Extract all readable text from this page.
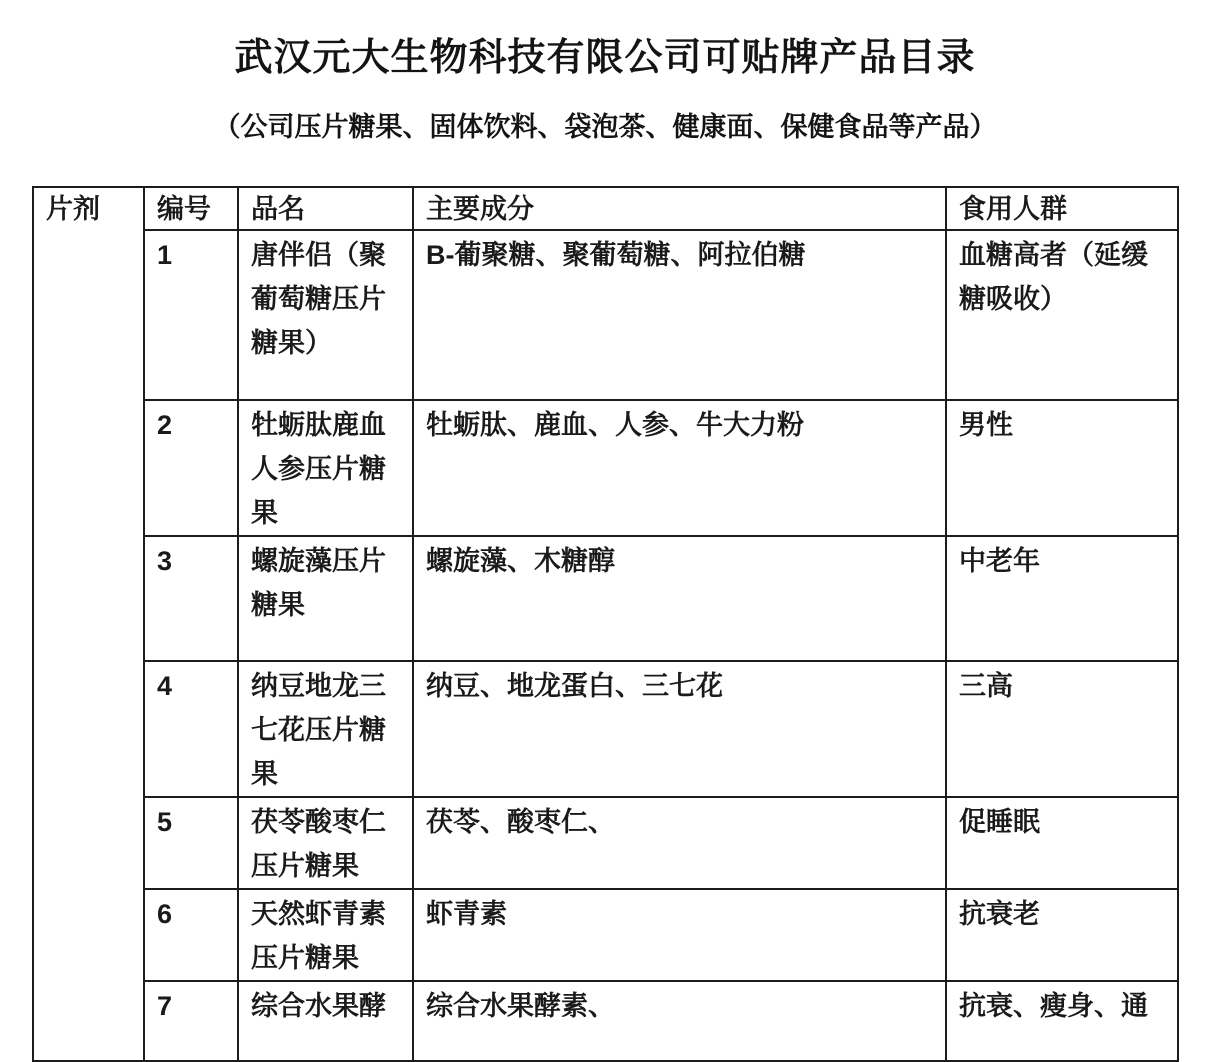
武汉元大生物科技有限公司可贴牌产品目录
（公司压片糖果、固体饮料、袋泡茶、健康面、保健食品等产品）
片剂	编号	品名	主要成分	食用人群
	1	唐伴侣（聚葡萄糖压片糖果）	B-葡聚糖、聚葡萄糖、阿拉伯糖	血糖高者（延缓糖吸收）
	2	牡蛎肽鹿血人参压片糖果	牡蛎肽、鹿血、人参、牛大力粉	男性
	3	螺旋藻压片糖果	螺旋藻、木糖醇	中老年
	4	纳豆地龙三七花压片糖果	纳豆、地龙蛋白、三七花	三高
	5	茯苓酸枣仁压片糖果	茯苓、酸枣仁、	促睡眠
	6	天然虾青素压片糖果	虾青素	抗衰老
	7	综合水果酵	综合水果酵素、	抗衰、瘦身、通
